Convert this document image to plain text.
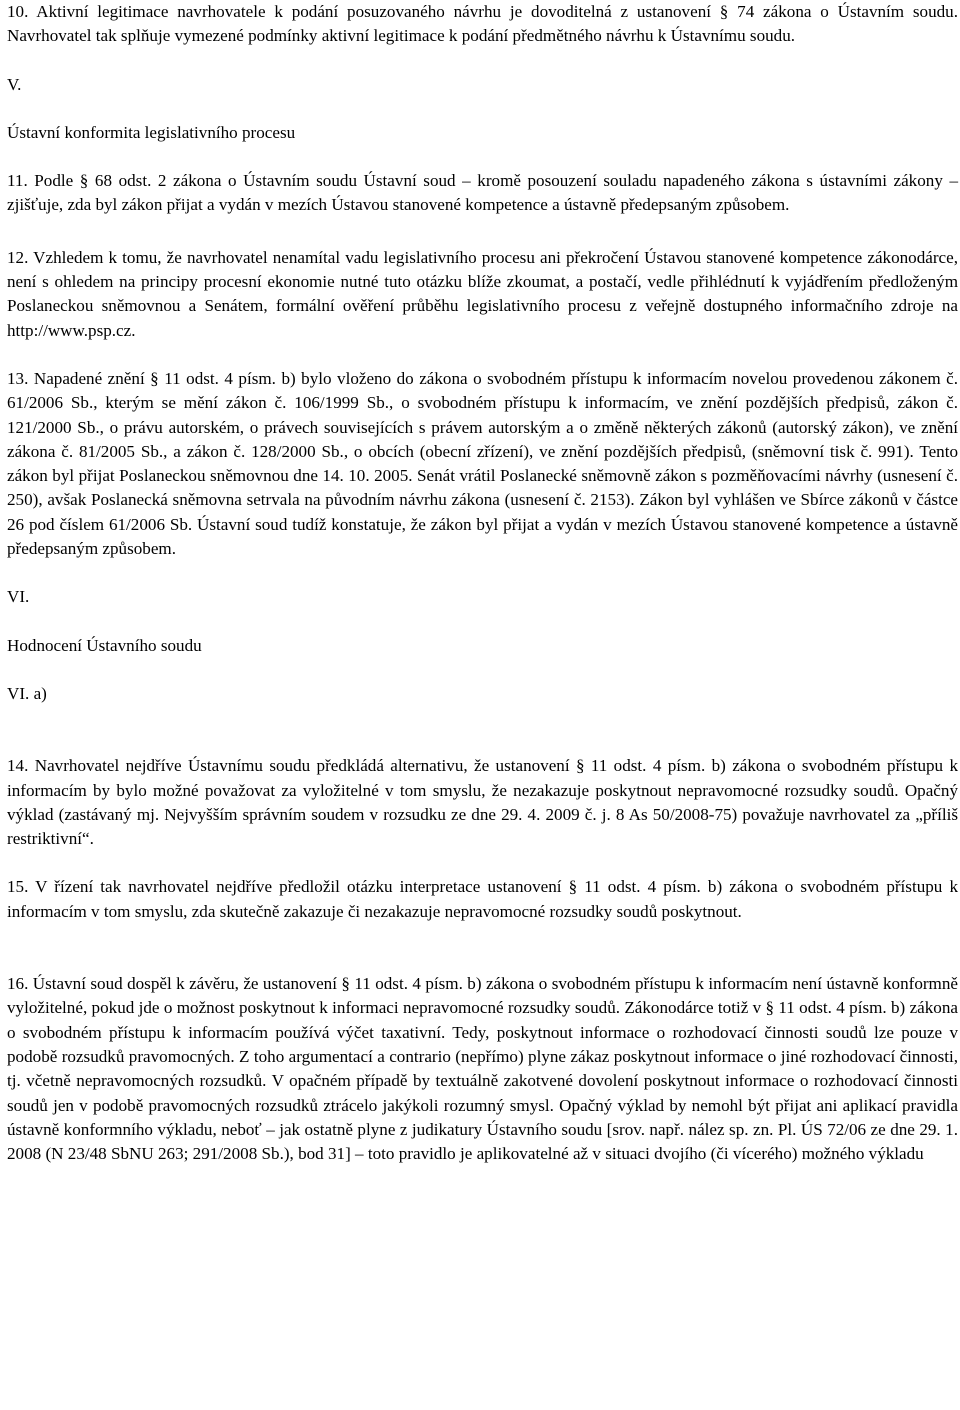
10. Aktivní legitimace navrhovatele k podání posuzovaného návrhu je dovoditelná z ustanovení § 74 zákona o Ústavním soudu. Navrhovatel tak splňuje vymezené podmínky aktivní legitimace k podání předmětného návrhu k Ústavnímu soudu.

V.

Ústavní konformita legislativního procesu

11. Podle § 68 odst. 2 zákona o Ústavním soudu Ústavní soud – kromě posouzení souladu napadeného zákona s ústavními zákony – zjišťuje, zda byl zákon přijat a vydán v mezích Ústavou stanovené kompetence a ústavně předepsaným způsobem.

12. Vzhledem k tomu, že navrhovatel nenamítal vadu legislativního procesu ani překročení Ústavou stanovené kompetence zákonodárce, není s ohledem na principy procesní ekonomie nutné tuto otázku blíže zkoumat, a postačí, vedle přihlédnutí k vyjádřením předloženým Poslaneckou sněmovnou a Senátem, formální ověření průběhu legislativního procesu z veřejně dostupného informačního zdroje na http://www.psp.cz.

13. Napadené znění § 11 odst. 4 písm. b) bylo vloženo do zákona o svobodném přístupu k informacím novelou provedenou zákonem č. 61/2006 Sb., kterým se mění zákon č. 106/1999 Sb., o svobodném přístupu k informacím, ve znění pozdějších předpisů, zákon č. 121/2000 Sb., o právu autorském, o právech souvisejících s právem autorským a o změně některých zákonů (autorský zákon), ve znění zákona č. 81/2005 Sb., a zákon č. 128/2000 Sb., o obcích (obecní zřízení), ve znění pozdějších předpisů, (sněmovní tisk č. 991). Tento zákon byl přijat Poslaneckou sněmovnou dne 14. 10. 2005. Senát vrátil Poslanecké sněmovně zákon s pozměňovacími návrhy (usnesení č. 250), avšak Poslanecká sněmovna setrvala na původním návrhu zákona (usnesení č. 2153). Zákon byl vyhlášen ve Sbírce zákonů v částce 26 pod číslem 61/2006 Sb. Ústavní soud tudíž konstatuje, že zákon byl přijat a vydán v mezích Ústavou stanovené kompetence a ústavně předepsaným způsobem.

VI.

Hodnocení Ústavního soudu

VI. a)

14. Navrhovatel nejdříve Ústavnímu soudu předkládá alternativu, že ustanovení § 11 odst. 4 písm. b) zákona o svobodném přístupu k informacím by bylo možné považovat za vyložitelné v tom smyslu, že nezakazuje poskytnout nepravomocné rozsudky soudů. Opačný výklad (zastávaný mj. Nejvyšším správním soudem v rozsudku ze dne 29. 4. 2009 č. j. 8 As 50/2008-75) považuje navrhovatel za „příliš restriktivní“.

15. V řízení tak navrhovatel nejdříve předložil otázku interpretace ustanovení § 11 odst. 4 písm. b) zákona o svobodném přístupu k informacím v tom smyslu, zda skutečně zakazuje či nezakazuje nepravomocné rozsudky soudů poskytnout.

16. Ústavní soud dospěl k závěru, že ustanovení § 11 odst. 4 písm. b) zákona o svobodném přístupu k informacím není ústavně konformně vyložitelné, pokud jde o možnost poskytnout k informaci nepravomocné rozsudky soudů. Zákonodárce totiž v § 11 odst. 4 písm. b) zákona o svobodném přístupu k informacím používá výčet taxativní. Tedy, poskytnout informace o rozhodovací činnosti soudů lze pouze v podobě rozsudků pravomocných. Z toho argumentací a contrario (nepřímo) plyne zákaz poskytnout informace o jiné rozhodovací činnosti, tj. včetně nepravomocných rozsudků. V opačném případě by textuálně zakotvené dovolení poskytnout informace o rozhodovací činnosti soudů jen v podobě pravomocných rozsudků ztrácelo jakýkoli rozumný smysl. Opačný výklad by nemohl být přijat ani aplikací pravidla ústavně konformního výkladu, neboť – jak ostatně plyne z judikatury Ústavního soudu [srov. např. nález sp. zn. Pl. ÚS 72/06 ze dne 29. 1. 2008 (N 23/48 SbNU 263; 291/2008 Sb.), bod 31] – toto pravidlo je aplikovatelné až v situaci dvojího (či vícerého) možného výkladu
